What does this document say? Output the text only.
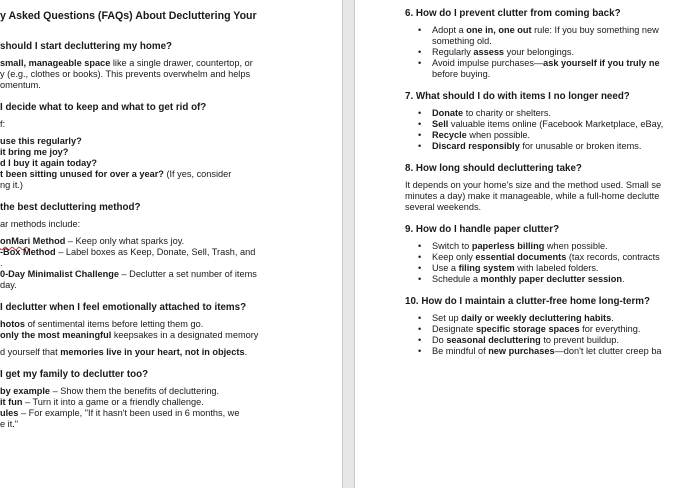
y Asked Questions (FAQs) About Decluttering Your
should I start decluttering my home?
small, manageable space like a single drawer, countertop, or
y (e.g., clothes or books). This prevents overwhelm and helps
omentum.
I decide what to keep and what to get rid of?
f:
use this regularly?
it bring me joy?
d I buy it again today?
t been sitting unused for over a year? (If yes, consider
ng it.)
the best decluttering method?
ar methods include:
onMari Method – Keep only what sparks joy.
-Box Method – Label boxes as Keep, Donate, Sell, Trash, and
.
0-Day Minimalist Challenge – Declutter a set number of items
day.
I declutter when I feel emotionally attached to items?
hotos of sentimental items before letting them go.
only the most meaningful keepsakes in a designated memory
d yourself that memories live in your heart, not in objects.
I get my family to declutter too?
by example – Show them the benefits of decluttering.
it fun – Turn it into a game or a friendly challenge.
ules – For example, "If it hasn't been used in 6 months, we
e it."
6. How do I prevent clutter from coming back?
• Adopt a one in, one out rule: If you buy something new
something old.
• Regularly assess your belongings.
• Avoid impulse purchases—ask yourself if you truly ne
before buying.
7. What should I do with items I no longer need?
• Donate to charity or shelters.
• Sell valuable items online (Facebook Marketplace, eBay,
• Recycle when possible.
• Discard responsibly for unusable or broken items.
8. How long should decluttering take?
It depends on your home's size and the method used. Small se
minutes a day) make it manageable, while a full-home declutte
several weekends.
9. How do I handle paper clutter?
• Switch to paperless billing when possible.
• Keep only essential documents (tax records, contracts
• Use a filing system with labeled folders.
• Schedule a monthly paper declutter session.
10. How do I maintain a clutter-free home long-term?
• Set up daily or weekly decluttering habits.
• Designate specific storage spaces for everything.
• Do seasonal decluttering to prevent buildup.
• Be mindful of new purchases—don't let clutter creep ba
